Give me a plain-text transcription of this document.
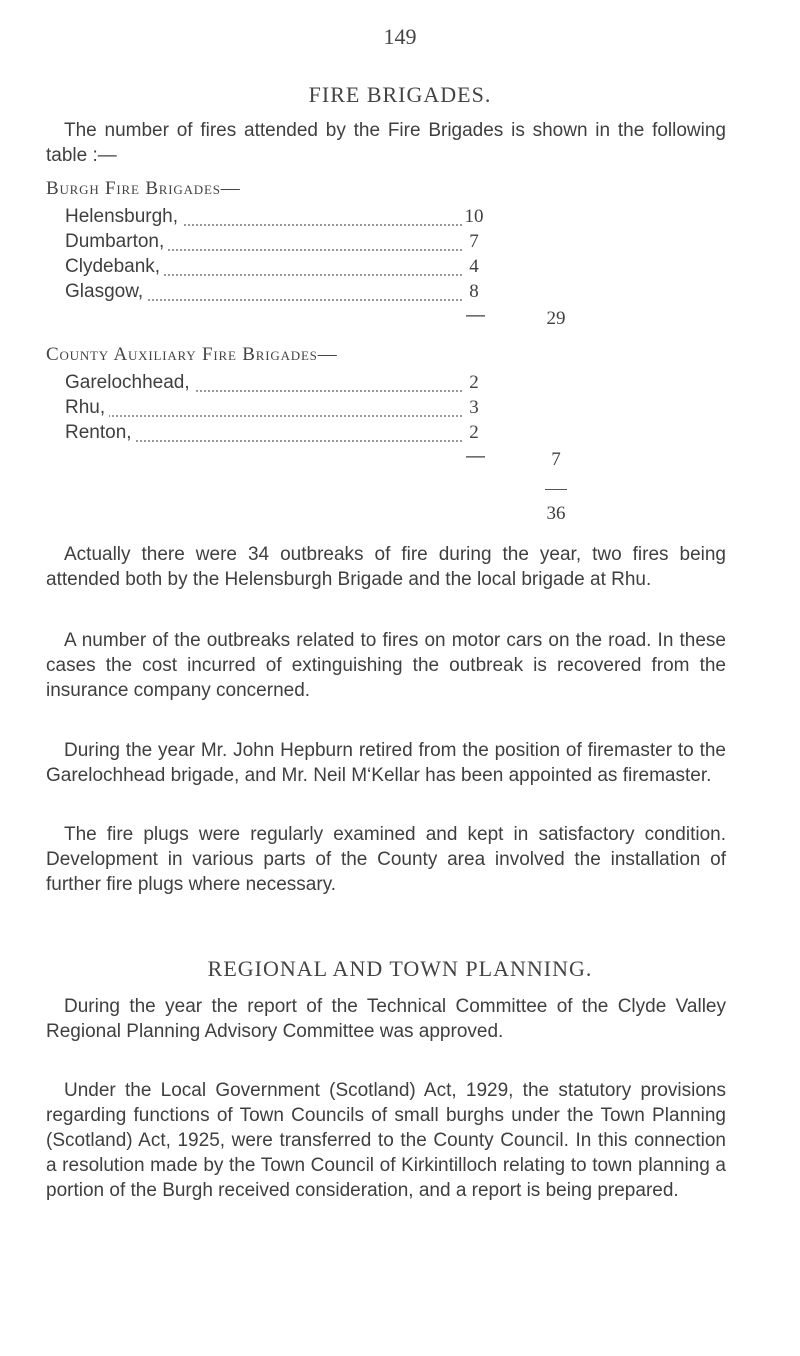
149
FIRE BRIGADES.

The number of fires attended by the Fire Brigades is shown in the following table :—

Burgh Fire Brigades—
Helensburgh,	10
Dumbarton,	7
Clydebank,	4
Glasgow,	8
—	29
County Auxiliary Fire Brigades—
Garelochhead,	2
Rhu,	3
Renton,	2
—	7
36

Actually there were 34 outbreaks of fire during the year, two fires being attended both by the Helensburgh Brigade and the local brigade at Rhu.

A number of the outbreaks related to fires on motor cars on the road. In these cases the cost incurred of extinguishing the outbreak is recovered from the insurance company concerned.

During the year Mr. John Hepburn retired from the position of firemaster to the Garelochhead brigade, and Mr. Neil M‘Kellar has been appointed as firemaster.

The fire plugs were regularly examined and kept in satisfactory condition. Development in various parts of the County area involved the installation of further fire plugs where necessary.

REGIONAL AND TOWN PLANNING.

During the year the report of the Technical Committee of the Clyde Valley Regional Planning Advisory Committee was approved.

Under the Local Government (Scotland) Act, 1929, the statutory provisions regarding functions of Town Councils of small burghs under the Town Planning (Scotland) Act, 1925, were transferred to the County Council. In this connection a resolution made by the Town Council of Kirkintilloch relating to town planning a portion of the Burgh received consideration, and a report is being prepared.
